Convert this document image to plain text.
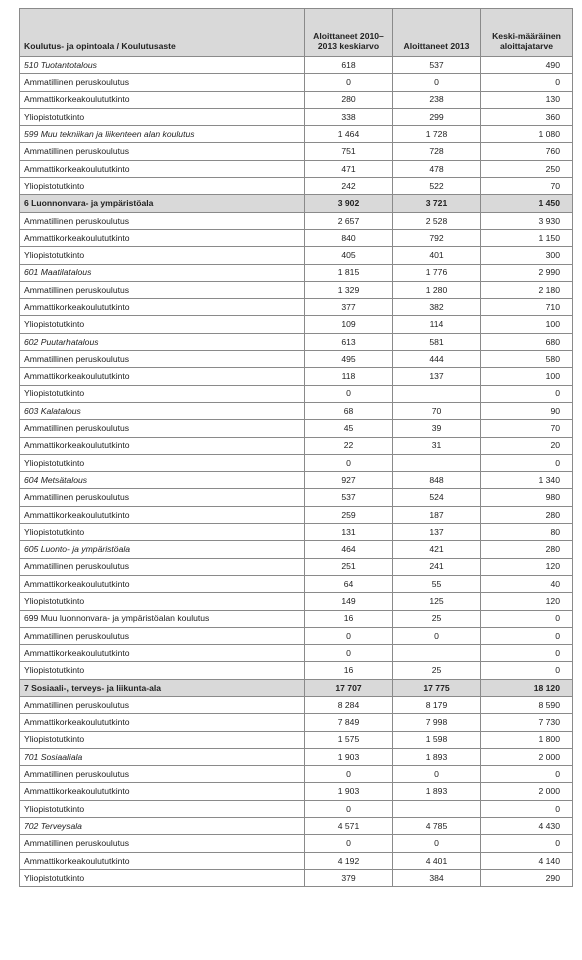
Koulutus- ja opintoala / Koulutusaste	Aloittaneet 2010–2013 keskiarvo	Aloittaneet 2013	Keski-määräinen aloittajatarve
510 Tuotantotalous	618	537	490
Ammatillinen peruskoulutus	0	0	0
Ammattikorkeakoulututkinto	280	238	130
Yliopistotutkinto	338	299	360
599 Muu tekniikan ja liikenteen alan koulutus	1 464	1 728	1 080
Ammatillinen peruskoulutus	751	728	760
Ammattikorkeakoulututkinto	471	478	250
Yliopistotutkinto	242	522	70
6 Luonnonvara- ja ympäristöala	3 902	3 721	1 450
Ammatillinen peruskoulutus	2 657	2 528	3 930
Ammattikorkeakoulututkinto	840	792	1 150
Yliopistotutkinto	405	401	300
601 Maatilatalous	1 815	1 776	2 990
Ammatillinen peruskoulutus	1 329	1 280	2 180
Ammattikorkeakoulututkinto	377	382	710
Yliopistotutkinto	109	114	100
602 Puutarhatalous	613	581	680
Ammatillinen peruskoulutus	495	444	580
Ammattikorkeakoulututkinto	118	137	100
Yliopistotutkinto	0		0
603 Kalatalous	68	70	90
Ammatillinen peruskoulutus	45	39	70
Ammattikorkeakoulututkinto	22	31	20
Yliopistotutkinto	0		0
604 Metsätalous	927	848	1 340
Ammatillinen peruskoulutus	537	524	980
Ammattikorkeakoulututkinto	259	187	280
Yliopistotutkinto	131	137	80
605 Luonto- ja ympäristöala	464	421	280
Ammatillinen peruskoulutus	251	241	120
Ammattikorkeakoulututkinto	64	55	40
Yliopistotutkinto	149	125	120
699 Muu luonnonvara- ja ympäristöalan koulutus	16	25	0
Ammatillinen peruskoulutus	0	0	0
Ammattikorkeakoulututkinto	0		0
Yliopistotutkinto	16	25	0
7 Sosiaali-, terveys- ja liikunta-ala	17 707	17 775	18 120
Ammatillinen peruskoulutus	8 284	8 179	8 590
Ammattikorkeakoulututkinto	7 849	7 998	7 730
Yliopistotutkinto	1 575	1 598	1 800
701 Sosiaaliala	1 903	1 893	2 000
Ammatillinen peruskoulutus	0	0	0
Ammattikorkeakoulututkinto	1 903	1 893	2 000
Yliopistotutkinto	0		0
702 Terveysala	4 571	4 785	4 430
Ammatillinen peruskoulutus	0	0	0
Ammattikorkeakoulututkinto	4 192	4 401	4 140
Yliopistotutkinto	379	384	290
